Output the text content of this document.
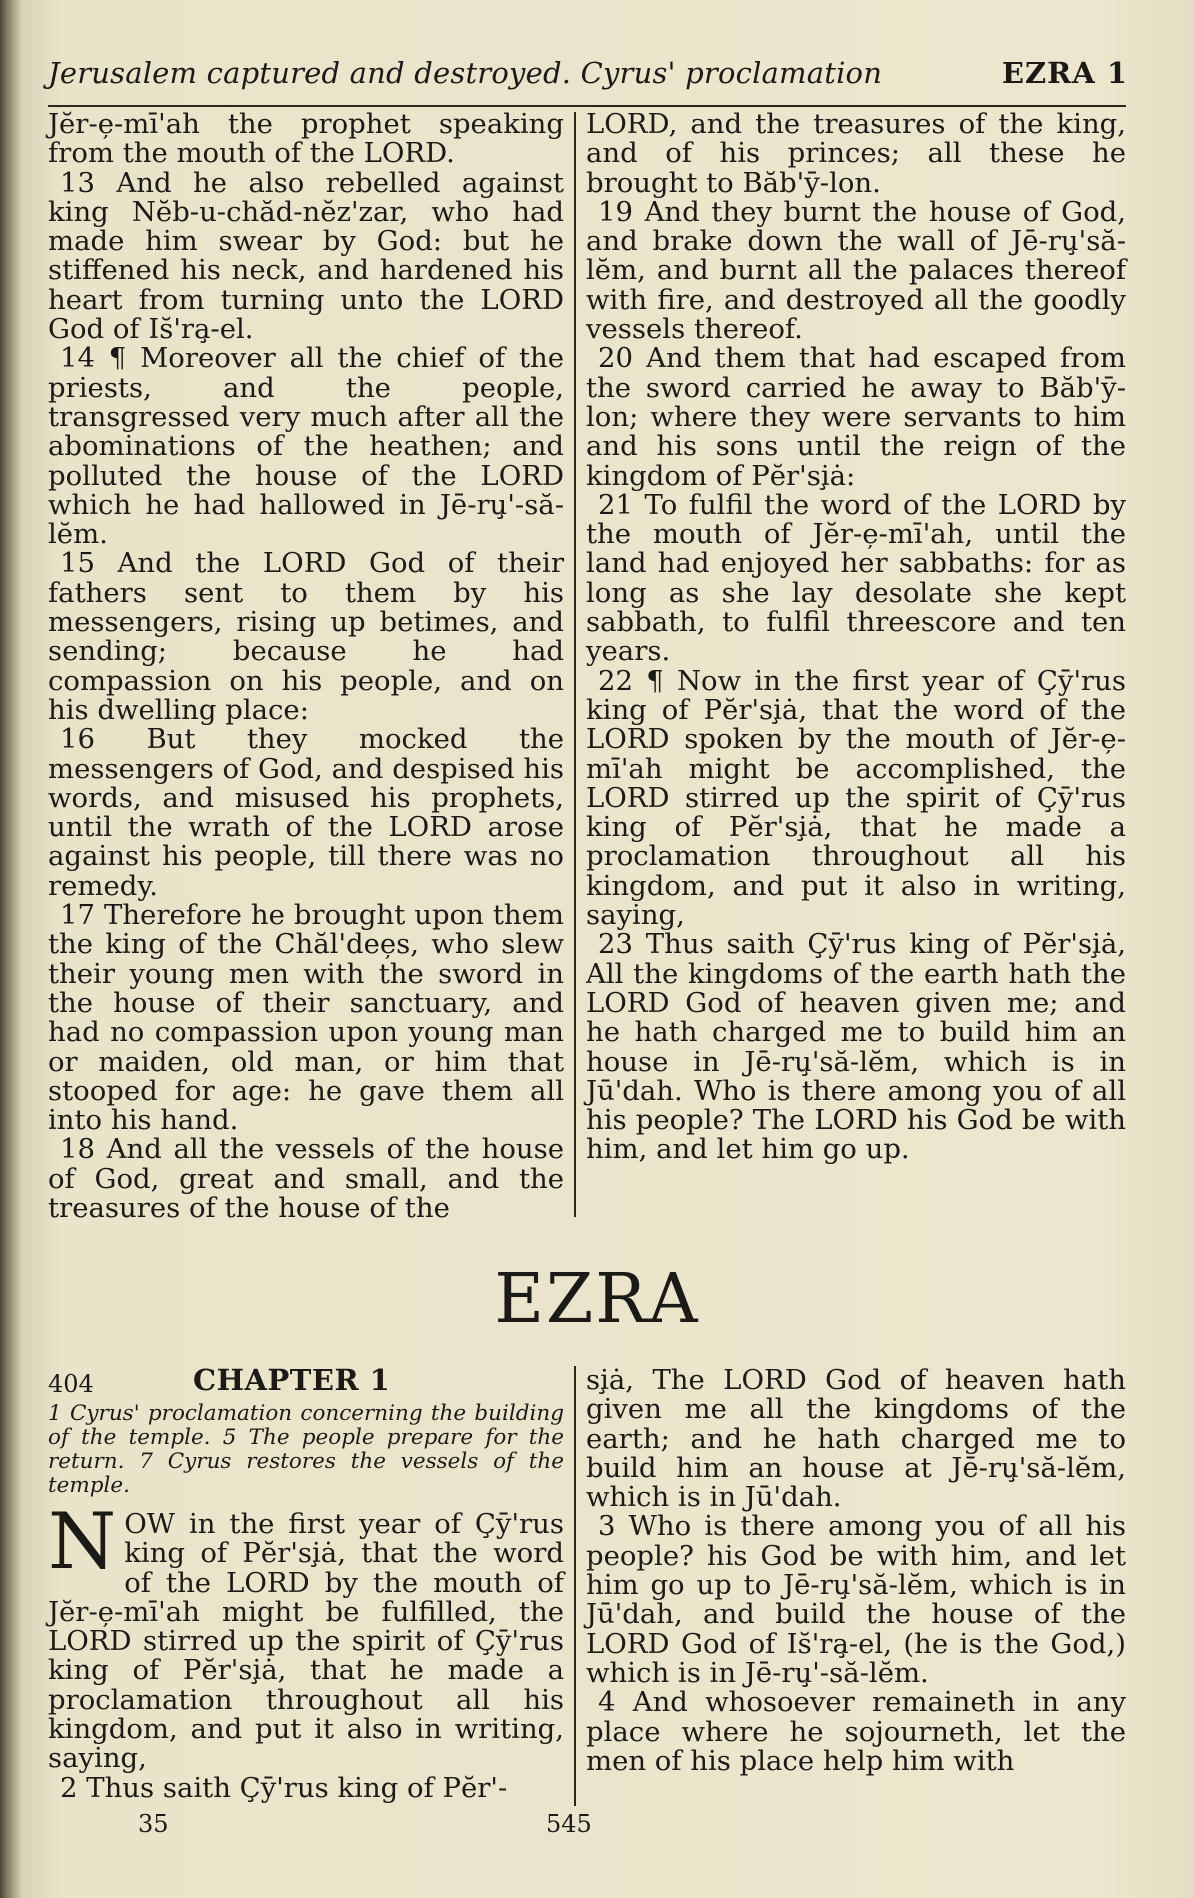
Jerusalem captured and destroyed. Cyrus' proclamation	EZRA 1

Jĕr-e̦-mī'ah the prophet speaking from the mouth of the LORD.

13 And he also rebelled against king Nĕb-u-chăd-nĕz'zar, who had made him swear by God: but he stiffened his neck, and hardened his heart from turning unto the LORD God of Is̆'ra̧-el.

14 ¶ Moreover all the chief of the priests, and the people, transgressed very much after all the abominations of the heathen; and polluted the house of the LORD which he had hallowed in Jē-ru̧'-să-lĕm.

15 And the LORD God of their fathers sent to them by his messengers, rising up betimes, and sending; because he had compassion on his people, and on his dwelling place:

16 But they mocked the messengers of God, and despised his words, and misused his prophets, until the wrath of the LORD arose against his people, till there was no remedy.

17 Therefore he brought upon them the king of the Chăl'dee̦s, who slew their young men with the sword in the house of their sanctuary, and had no compassion upon young man or maiden, old man, or him that stooped for age: he gave them all into his hand.

18 And all the vessels of the house of God, great and small, and the treasures of the house of the

LORD, and the treasures of the king, and of his princes; all these he brought to Băb'ȳ-lon.

19 And they burnt the house of God, and brake down the wall of Jē-ru̧'să-lĕm, and burnt all the palaces thereof with fire, and destroyed all the goodly vessels thereof.

20 And them that had escaped from the sword carried he away to Băb'ȳ-lon; where they were servants to him and his sons until the reign of the kingdom of Pĕr'si̧ȧ:

21 To fulfil the word of the LORD by the mouth of Jĕr-e̦-mī'ah, until the land had enjoyed her sabbaths: for as long as she lay desolate she kept sabbath, to fulfil threescore and ten years.

22 ¶ Now in the first year of Çȳ'rus king of Pĕr'si̧ȧ, that the word of the LORD spoken by the mouth of Jĕr-e̦-mī'ah might be accomplished, the LORD stirred up the spirit of Çȳ'rus king of Pĕr'si̧ȧ, that he made a proclamation throughout all his kingdom, and put it also in writing, saying,

23 Thus saith Çȳ'rus king of Pĕr'si̧ȧ, All the kingdoms of the earth hath the LORD God of heaven given me; and he hath charged me to build him an house in Jē-ru̧'să-lĕm, which is in Jū'dah. Who is there among you of all his people? The LORD his God be with him, and let him go up.

EZRA
404	CHAPTER 1
1 Cyrus' proclamation concerning the building of the temple. 5 The people prepare for the return. 7 Cyrus restores the vessels of the temple.

NOW in the first year of Çȳ'rus king of Pĕr'si̧ȧ, that the word of the LORD by the mouth of Jĕr-e̦-mī'ah might be fulfilled, the LORD stirred up the spirit of Çȳ'rus king of Pĕr'si̧ȧ, that he made a proclamation throughout all his kingdom, and put it also in writing, saying,

2 Thus saith Çȳ'rus king of Pĕr'-

si̧ȧ, The LORD God of heaven hath given me all the kingdoms of the earth; and he hath charged me to build him an house at Jē-ru̧'să-lĕm, which is in Jū'dah.

3 Who is there among you of all his people? his God be with him, and let him go up to Jē-ru̧'să-lĕm, which is in Jū'dah, and build the house of the LORD God of Is̆'ra̧-el, (he is the God,) which is in Jē-ru̧'-să-lĕm.

4 And whosoever remaineth in any place where he sojourneth, let the men of his place help him with

35	545
